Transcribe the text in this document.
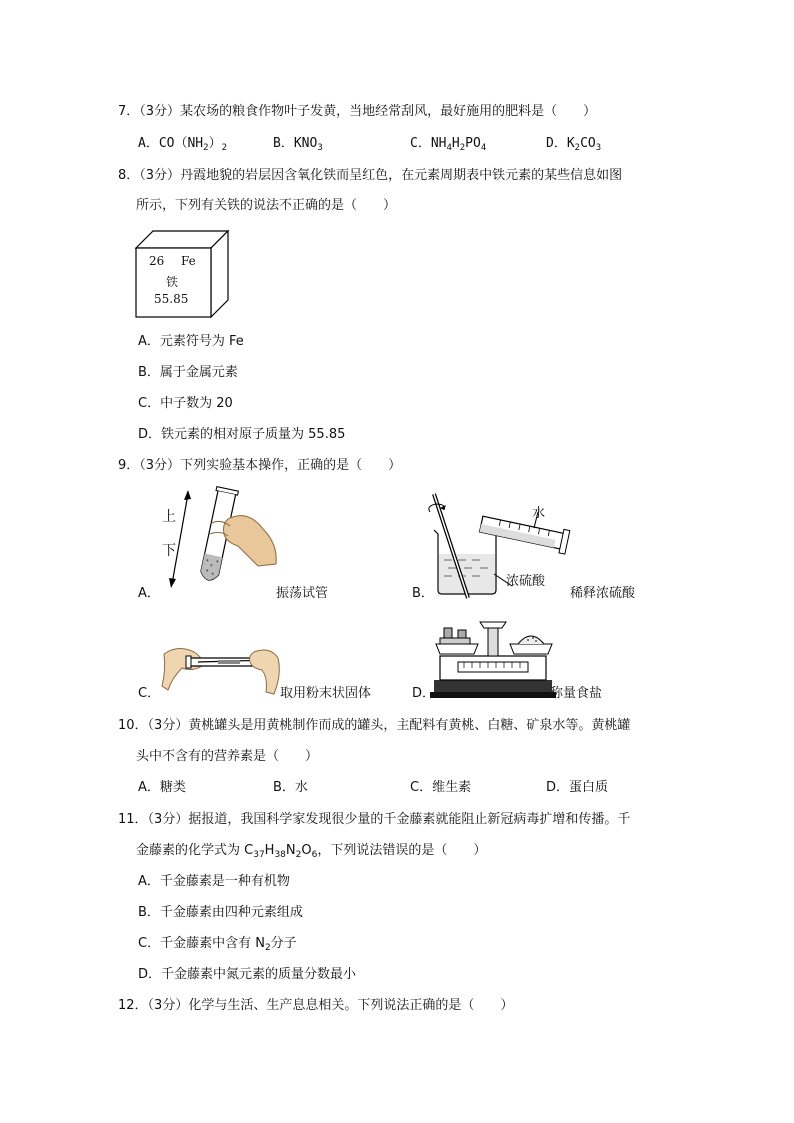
7．（3分）某农场的粮食作物叶子发黄，当地经常刮风，最好施用的肥料是（　　）
A．$CO(NH_2)_2$	B．$KNO_3$	C．$NH_4H_2PO_4$	D．$K_2CO_3$
8．（3分）丹霞地貌的岩层因含氧化铁而呈红色，在元素周期表中铁元素的某些信息如图
所示，下列有关铁的说法不正确的是（　　）
26 Fe
铁
55.85
A．元素符号为 Fe
B．属于金属元素
C．中子数为 20
D．铁元素的相对原子质量为 55.85
9．（3分）下列实验基本操作，正确的是（　　）
上
下
A．	振荡试管
水
浓硫酸
B．	稀释浓硫酸
C．	取用粉末状固体	D．	称量食盐
10．（3分）黄桃罐头是用黄桃制作而成的罐头，主配料有黄桃、白糖、矿泉水等。黄桃罐
头中不含有的营养素是（　　）
A．糖类	B．水	C．维生素	D．蛋白质
11．（3分）据报道，我国科学家发现很少量的千金藤素就能阻止新冠病毒扩增和传播。千
金藤素的化学式为 $C_{37}H_{38}N_2O_6$，下列说法错误的是（　　）
A．千金藤素是一种有机物
B．千金藤素由四种元素组成
C．千金藤素中含有 $N_2$分子
D．千金藤素中氮元素的质量分数最小
12．（3分）化学与生活、生产息息相关。下列说法正确的是（　　）
